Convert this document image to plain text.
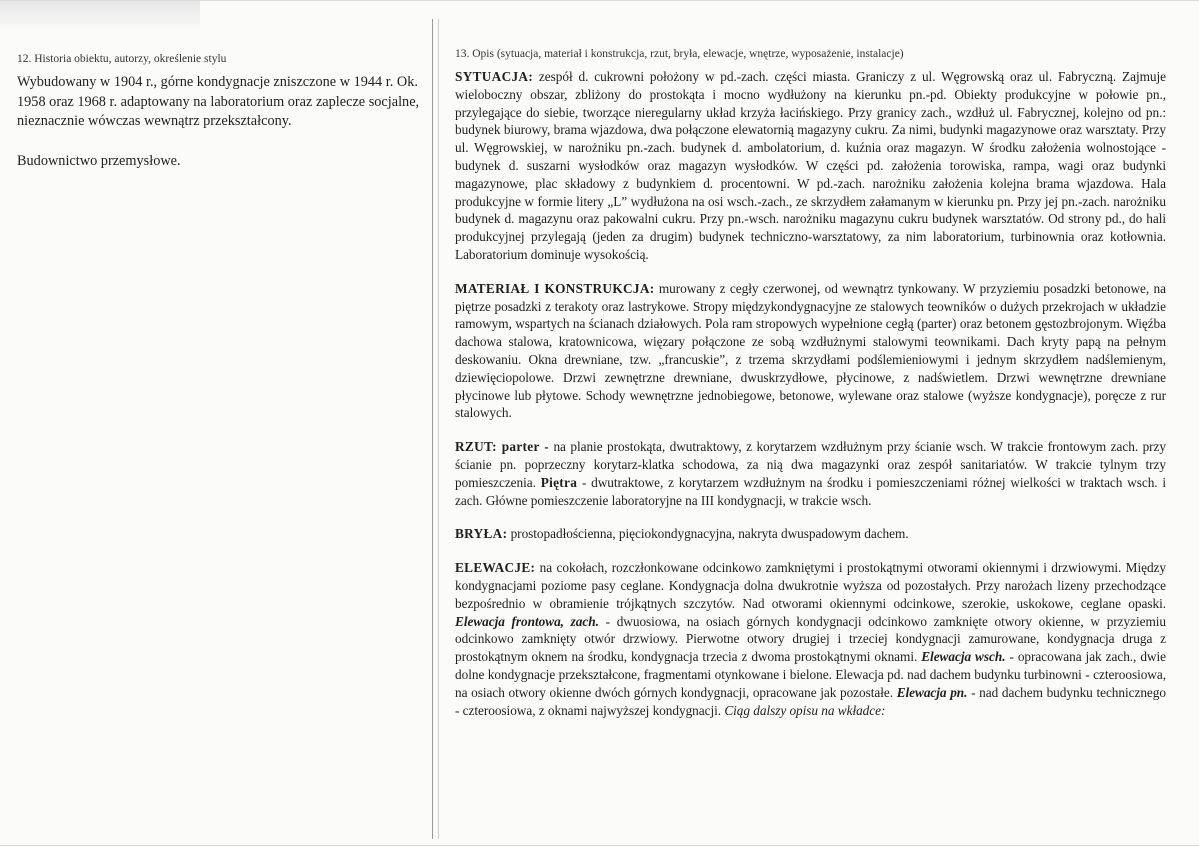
12. Historia obiektu, autorzy, określenie stylu

Wybudowany w 1904 r., górne kondygnacje zniszczone w 1944 r. Ok. 1958 oraz 1968 r. adaptowany na laboratorium oraz zaplecze socjalne, nieznacznie wówczas wewnątrz przekształcony.

Budownictwo przemysłowe.

13. Opis (sytuacja, materiał i konstrukcja, rzut, bryła, elewacje, wnętrze, wyposażenie, instalacje)

SYTUACJA: zespół d. cukrowni położony w pd.-zach. części miasta. Graniczy z ul. Węgrowską oraz ul. Fabryczną. Zajmuje wieloboczny obszar, zbliżony do prostokąta i mocno wydłużony na kierunku pn.-pd. Obiekty produkcyjne w połowie pn., przylegające do siebie, tworzące nieregularny układ krzyża łacińskiego. Przy granicy zach., wzdłuż ul. Fabrycznej, kolejno od pn.: budynek biurowy, brama wjazdowa, dwa połączone elewatornią magazyny cukru. Za nimi, budynki magazynowe oraz warsztaty. Przy ul. Węgrowskiej, w narożniku pn.-zach. budynek d. ambolatorium, d. kuźnia oraz magazyn. W środku założenia wolnostojące - budynek d. suszarni wysłodków oraz magazyn wysłodków. W części pd. założenia torowiska, rampa, wagi oraz budynki magazynowe, plac składowy z budynkiem d. procentowni. W pd.-zach. narożniku założenia kolejna brama wjazdowa. Hala produkcyjne w formie litery „L” wydłużona na osi wsch.-zach., ze skrzydłem załamanym w kierunku pn. Przy jej pn.-zach. narożniku budynek d. magazynu oraz pakowalni cukru. Przy pn.-wsch. narożniku magazynu cukru budynek warsztatów. Od strony pd., do hali produkcyjnej przylegają (jeden za drugim) budynek techniczno-warsztatowy, za nim laboratorium, turbinownia oraz kotłownia. Laboratorium dominuje wysokością.

MATERIAŁ I KONSTRUKCJA: murowany z cegły czerwonej, od wewnątrz tynkowany. W przyziemiu posadzki betonowe, na piętrze posadzki z terakoty oraz lastrykowe. Stropy międzykondygnacyjne ze stalowych teowników o dużych przekrojach w układzie ramowym, wspartych na ścianach działowych. Pola ram stropowych wypełnione cegłą (parter) oraz betonem gęstozbrojonym. Więźba dachowa stalowa, kratownicowa, więzary połączone ze sobą wzdłużnymi stalowymi teownikami. Dach kryty papą na pełnym deskowaniu. Okna drewniane, tzw. „francuskie”, z trzema skrzydłami podślemieniowymi i jednym skrzydłem nadślemienym, dziewięciopolowe. Drzwi zewnętrzne drewniane, dwuskrzydłowe, płycinowe, z nadświetlem. Drzwi wewnętrzne drewniane płycinowe lub płytowe. Schody wewnętrzne jednobiegowe, betonowe, wylewane oraz stalowe (wyższe kondygnacje), poręcze z rur stalowych.

RZUT: parter - na planie prostokąta, dwutraktowy, z korytarzem wzdłużnym przy ścianie wsch. W trakcie frontowym zach. przy ścianie pn. poprzeczny korytarz-klatka schodowa, za nią dwa magazynki oraz zespół sanitariatów. W trakcie tylnym trzy pomieszczenia. Piętra - dwutraktowe, z korytarzem wzdłużnym na środku i pomieszczeniami różnej wielkości w traktach wsch. i zach. Główne pomieszczenie laboratoryjne na III kondygnacji, w trakcie wsch.

BRYŁA: prostopadłościenna, pięciokondygnacyjna, nakryta dwuspadowym dachem.

ELEWACJE: na cokołach, rozczłonkowane odcinkowo zamkniętymi i prostokątnymi otworami okiennymi i drzwiowymi. Między kondygnacjami poziome pasy ceglane. Kondygnacja dolna dwukrotnie wyższa od pozostałych. Przy narożach lizeny przechodzące bezpośrednio w obramienie trójkątnych szczytów. Nad otworami okiennymi odcinkowe, szerokie, uskokowe, ceglane opaski. Elewacja frontowa, zach. - dwuosiowa, na osiach górnych kondygnacji odcinkowo zamknięte otwory okienne, w przyziemiu odcinkowo zamknięty otwór drzwiowy. Pierwotne otwory drugiej i trzeciej kondygnacji zamurowane, kondygnacja druga z prostokątnym oknem na środku, kondygnacja trzecia z dwoma prostokątnymi oknami. Elewacja wsch. - opracowana jak zach., dwie dolne kondygnacje przekształcone, fragmentami otynkowane i bielone. Elewacja pd. nad dachem budynku turbinowni - czteroosiowa, na osiach otwory okienne dwóch górnych kondygnacji, opracowane jak pozostałe. Elewacja pn. - nad dachem budynku technicznego - czteroosiowa, z oknami najwyższej kondygnacji. Ciąg dalszy opisu na wkładce:
